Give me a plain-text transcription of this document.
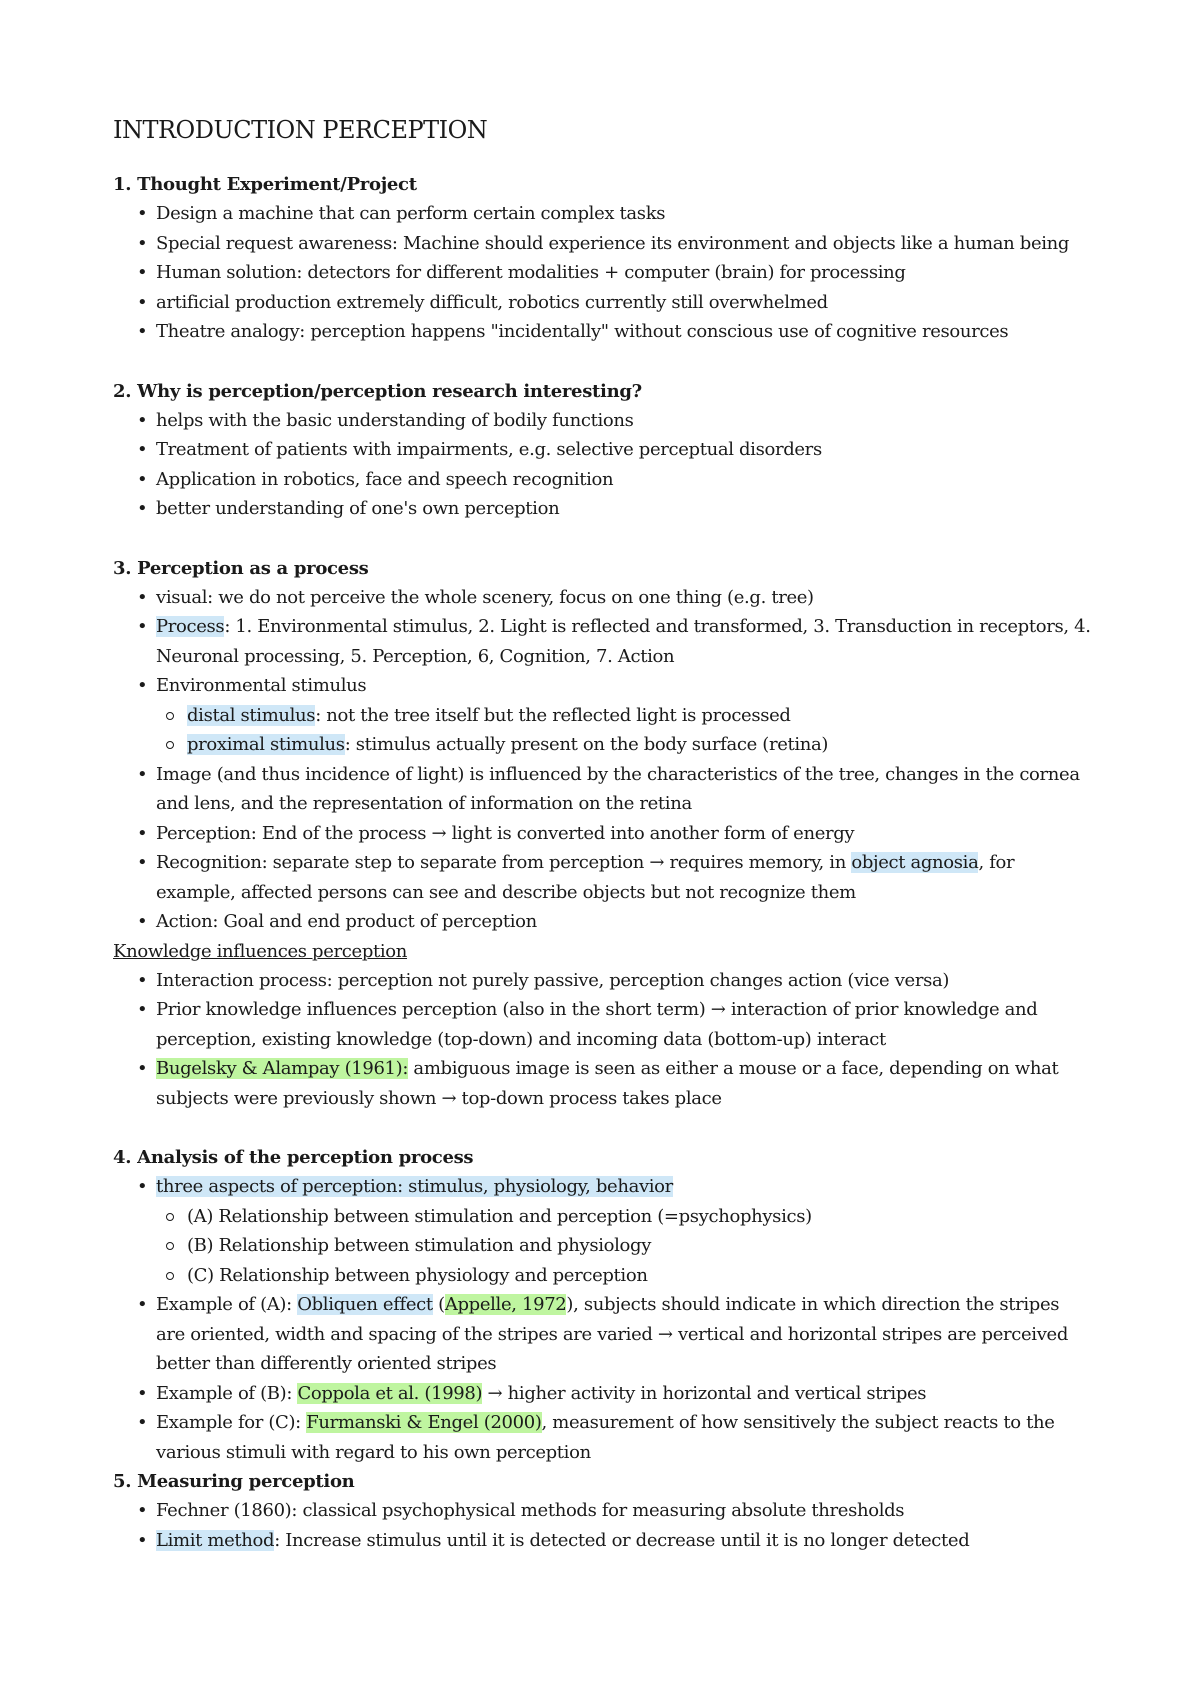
INTRODUCTION PERCEPTION
1. Thought Experiment/Project
• Design a machine that can perform certain complex tasks
• Special request awareness: Machine should experience its environment and objects like a human being
• Human solution: detectors for different modalities + computer (brain) for processing
• artificial production extremely difficult, robotics currently still overwhelmed
• Theatre analogy: perception happens "incidentally" without conscious use of cognitive resources
2. Why is perception/perception research interesting?
• helps with the basic understanding of bodily functions
• Treatment of patients with impairments, e.g. selective perceptual disorders
• Application in robotics, face and speech recognition
• better understanding of one's own perception
3. Perception as a process
• visual: we do not perceive the whole scenery, focus on one thing (e.g. tree)
• Process: 1. Environmental stimulus, 2. Light is reflected and transformed, 3. Transduction in receptors, 4. Neuronal processing, 5. Perception, 6, Cognition, 7. Action
• Environmental stimulus
distal stimulus: not the tree itself but the reflected light is processed
proximal stimulus: stimulus actually present on the body surface (retina)
• Image (and thus incidence of light) is influenced by the characteristics of the tree, changes in the cornea and lens, and the representation of information on the retina
• Perception: End of the process → light is converted into another form of energy
• Recognition: separate step to separate from perception → requires memory, in object agnosia, for example, affected persons can see and describe objects but not recognize them
• Action: Goal and end product of perception
Knowledge influences perception
• Interaction process: perception not purely passive, perception changes action (vice versa)
• Prior knowledge influences perception (also in the short term) → interaction of prior knowledge and perception, existing knowledge (top-down) and incoming data (bottom-up) interact
• Bugelsky & Alampay (1961): ambiguous image is seen as either a mouse or a face, depending on what subjects were previously shown → top-down process takes place
4. Analysis of the perception process
• three aspects of perception: stimulus, physiology, behavior
(A) Relationship between stimulation and perception (=psychophysics)
(B) Relationship between stimulation and physiology
(C) Relationship between physiology and perception
• Example of (A): Obliquen effect (Appelle, 1972), subjects should indicate in which direction the stripes are oriented, width and spacing of the stripes are varied → vertical and horizontal stripes are perceived better than differently oriented stripes
• Example of (B): Coppola et al. (1998) → higher activity in horizontal and vertical stripes
• Example for (C): Furmanski & Engel (2000), measurement of how sensitively the subject reacts to the various stimuli with regard to his own perception
5. Measuring perception
• Fechner (1860): classical psychophysical methods for measuring absolute thresholds
• Limit method: Increase stimulus until it is detected or decrease until it is no longer detected
